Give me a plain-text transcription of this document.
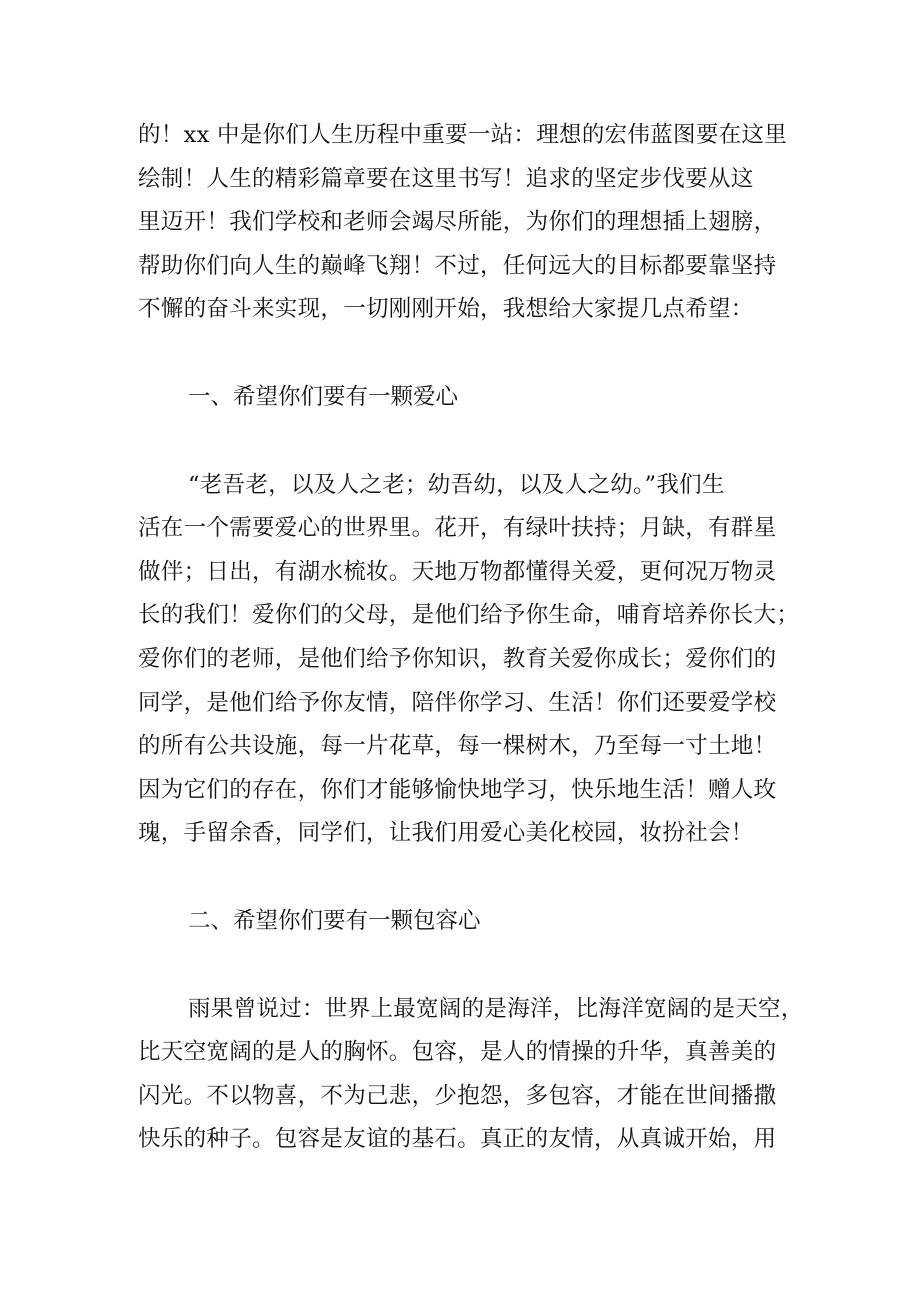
的！xx 中是你们人生历程中重要一站：理想的宏伟蓝图要在这里
绘制！人生的精彩篇章要在这里书写！追求的坚定步伐要从这
里迈开！我们学校和老师会竭尽所能，为你们的理想插上翅膀，
帮助你们向人生的巅峰飞翔！不过，任何远大的目标都要靠坚持
不懈的奋斗来实现，一切刚刚开始，我想给大家提几点希望：

一、希望你们要有一颗爱心

“老吾老，以及人之老；幼吾幼，以及人之幼。”我们生
活在一个需要爱心的世界里。花开，有绿叶扶持；月缺，有群星
做伴；日出，有湖水梳妆。天地万物都懂得关爱，更何况万物灵
长的我们！爱你们的父母，是他们给予你生命，哺育培养你长大；
爱你们的老师，是他们给予你知识，教育关爱你成长；爱你们的
同学，是他们给予你友情，陪伴你学习、生活！你们还要爱学校
的所有公共设施，每一片花草，每一棵树木，乃至每一寸土地！
因为它们的存在，你们才能够愉快地学习，快乐地生活！赠人玫
瑰，手留余香，同学们，让我们用爱心美化校园，妆扮社会！

二、希望你们要有一颗包容心

雨果曾说过：世界上最宽阔的是海洋，比海洋宽阔的是天空，
比天空宽阔的是人的胸怀。包容，是人的情操的升华，真善美的
闪光。不以物喜，不为己悲，少抱怨，多包容，才能在世间播撒
快乐的种子。包容是友谊的基石。真正的友情，从真诚开始，用
